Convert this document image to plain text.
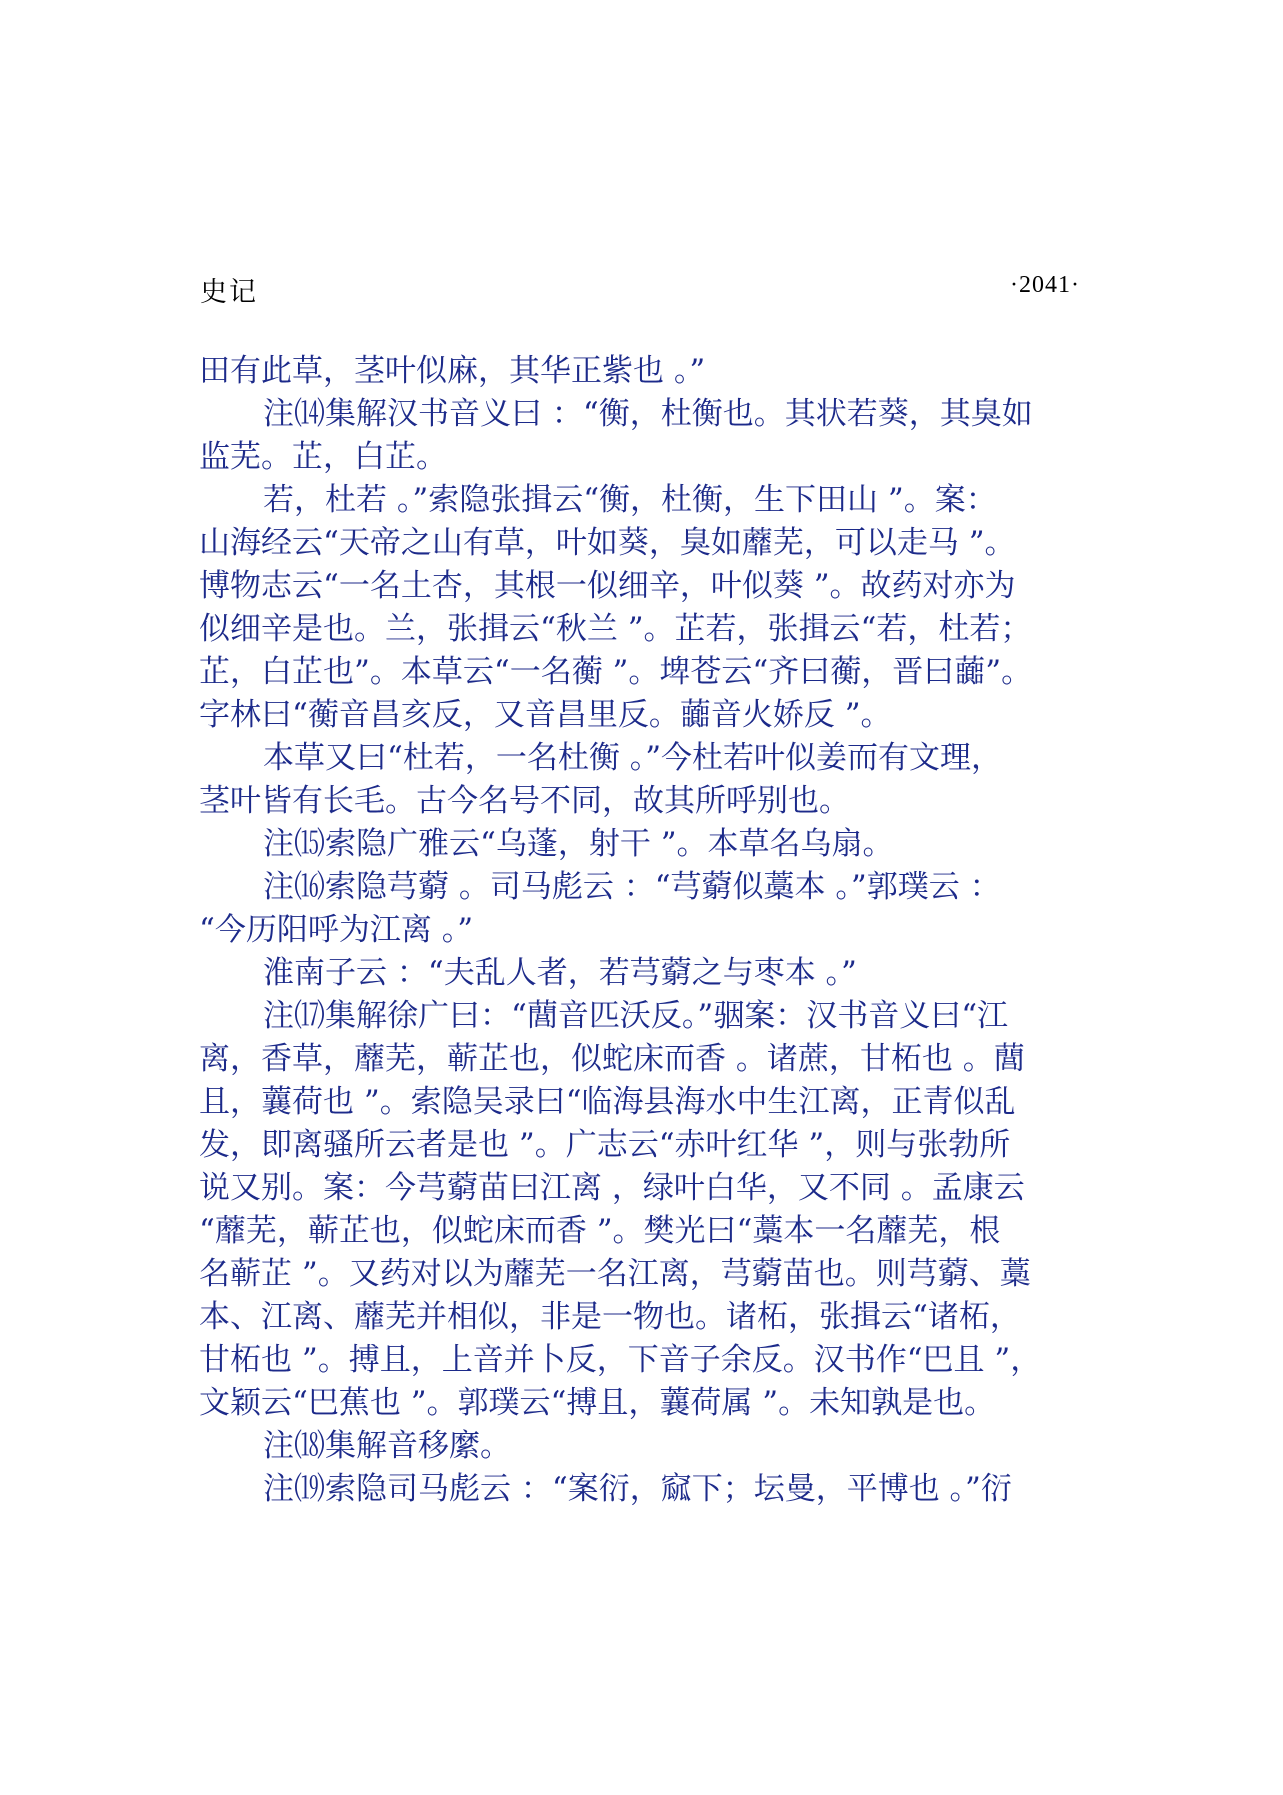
史记	·2041·
田有此草，茎叶似麻，其华正紫也 。”
注⒁集解汉书音义曰 ：“衡，杜衡也。其状若葵，其臭如
监芜。芷，白芷。
若，杜若 。”索隐张揖云“衡，杜衡，生下田山 ”。案：
山海经云“天帝之山有草，叶如葵，臭如蘼芜，可以走马 ”。
博物志云“一名土杏，其根一似细辛，叶似葵 ”。故药对亦为
似细辛是也。兰，张揖云“秋兰 ”。芷若，张揖云“若，杜若；
芷，白芷也”。本草云“一名蘅 ”。埤苍云“齐曰蘅，晋曰虈”。
字林曰“蘅音昌亥反，又音昌里反。虈音火娇反 ”。
本草又曰“杜若，一名杜衡 。”今杜若叶似姜而有文理，
茎叶皆有长毛。古今名号不同，故其所呼别也。
注⒂索隐广雅云“乌蓬，射干 ”。本草名乌扇。
注⒃索隐芎藭 。司马彪云 ：“芎藭似藁本 。”郭璞云 ：
“今历阳呼为江离 。”
淮南子云 ：“夫乱人者，若芎藭之与枣本 。”
注⒄集解徐广曰：“䕡音匹沃反。”骃案：汉书音义曰“江
离，香草，蘼芜，蕲芷也，似蛇床而香 。诸蔗，甘柘也 。䕡
且，蘘荷也 ”。索隐吴录曰“临海县海水中生江离，正青似乱
发，即离骚所云者是也 ”。广志云“赤叶红华 ”，则与张勃所
说又别。案：今芎藭苗曰江离 ，绿叶白华，又不同 。孟康云
“蘼芜，蕲芷也，似蛇床而香 ”。樊光曰“藁本一名蘼芜，根
名蕲芷 ”。又药对以为蘼芜一名江离，芎藭苗也。则芎藭、藁
本、江离、蘼芜并相似，非是一物也。诸柘，张揖云“诸柘，
甘柘也 ”。搏且，上音并卜反，下音子余反。汉书作“巴且 ”，
文颖云“巴蕉也 ”。郭璞云“搏且，蘘荷属 ”。未知孰是也。
注⒅集解音移縻。
注⒆索隐司马彪云 ：“案衍，窳下；坛曼，平博也 。”衍
